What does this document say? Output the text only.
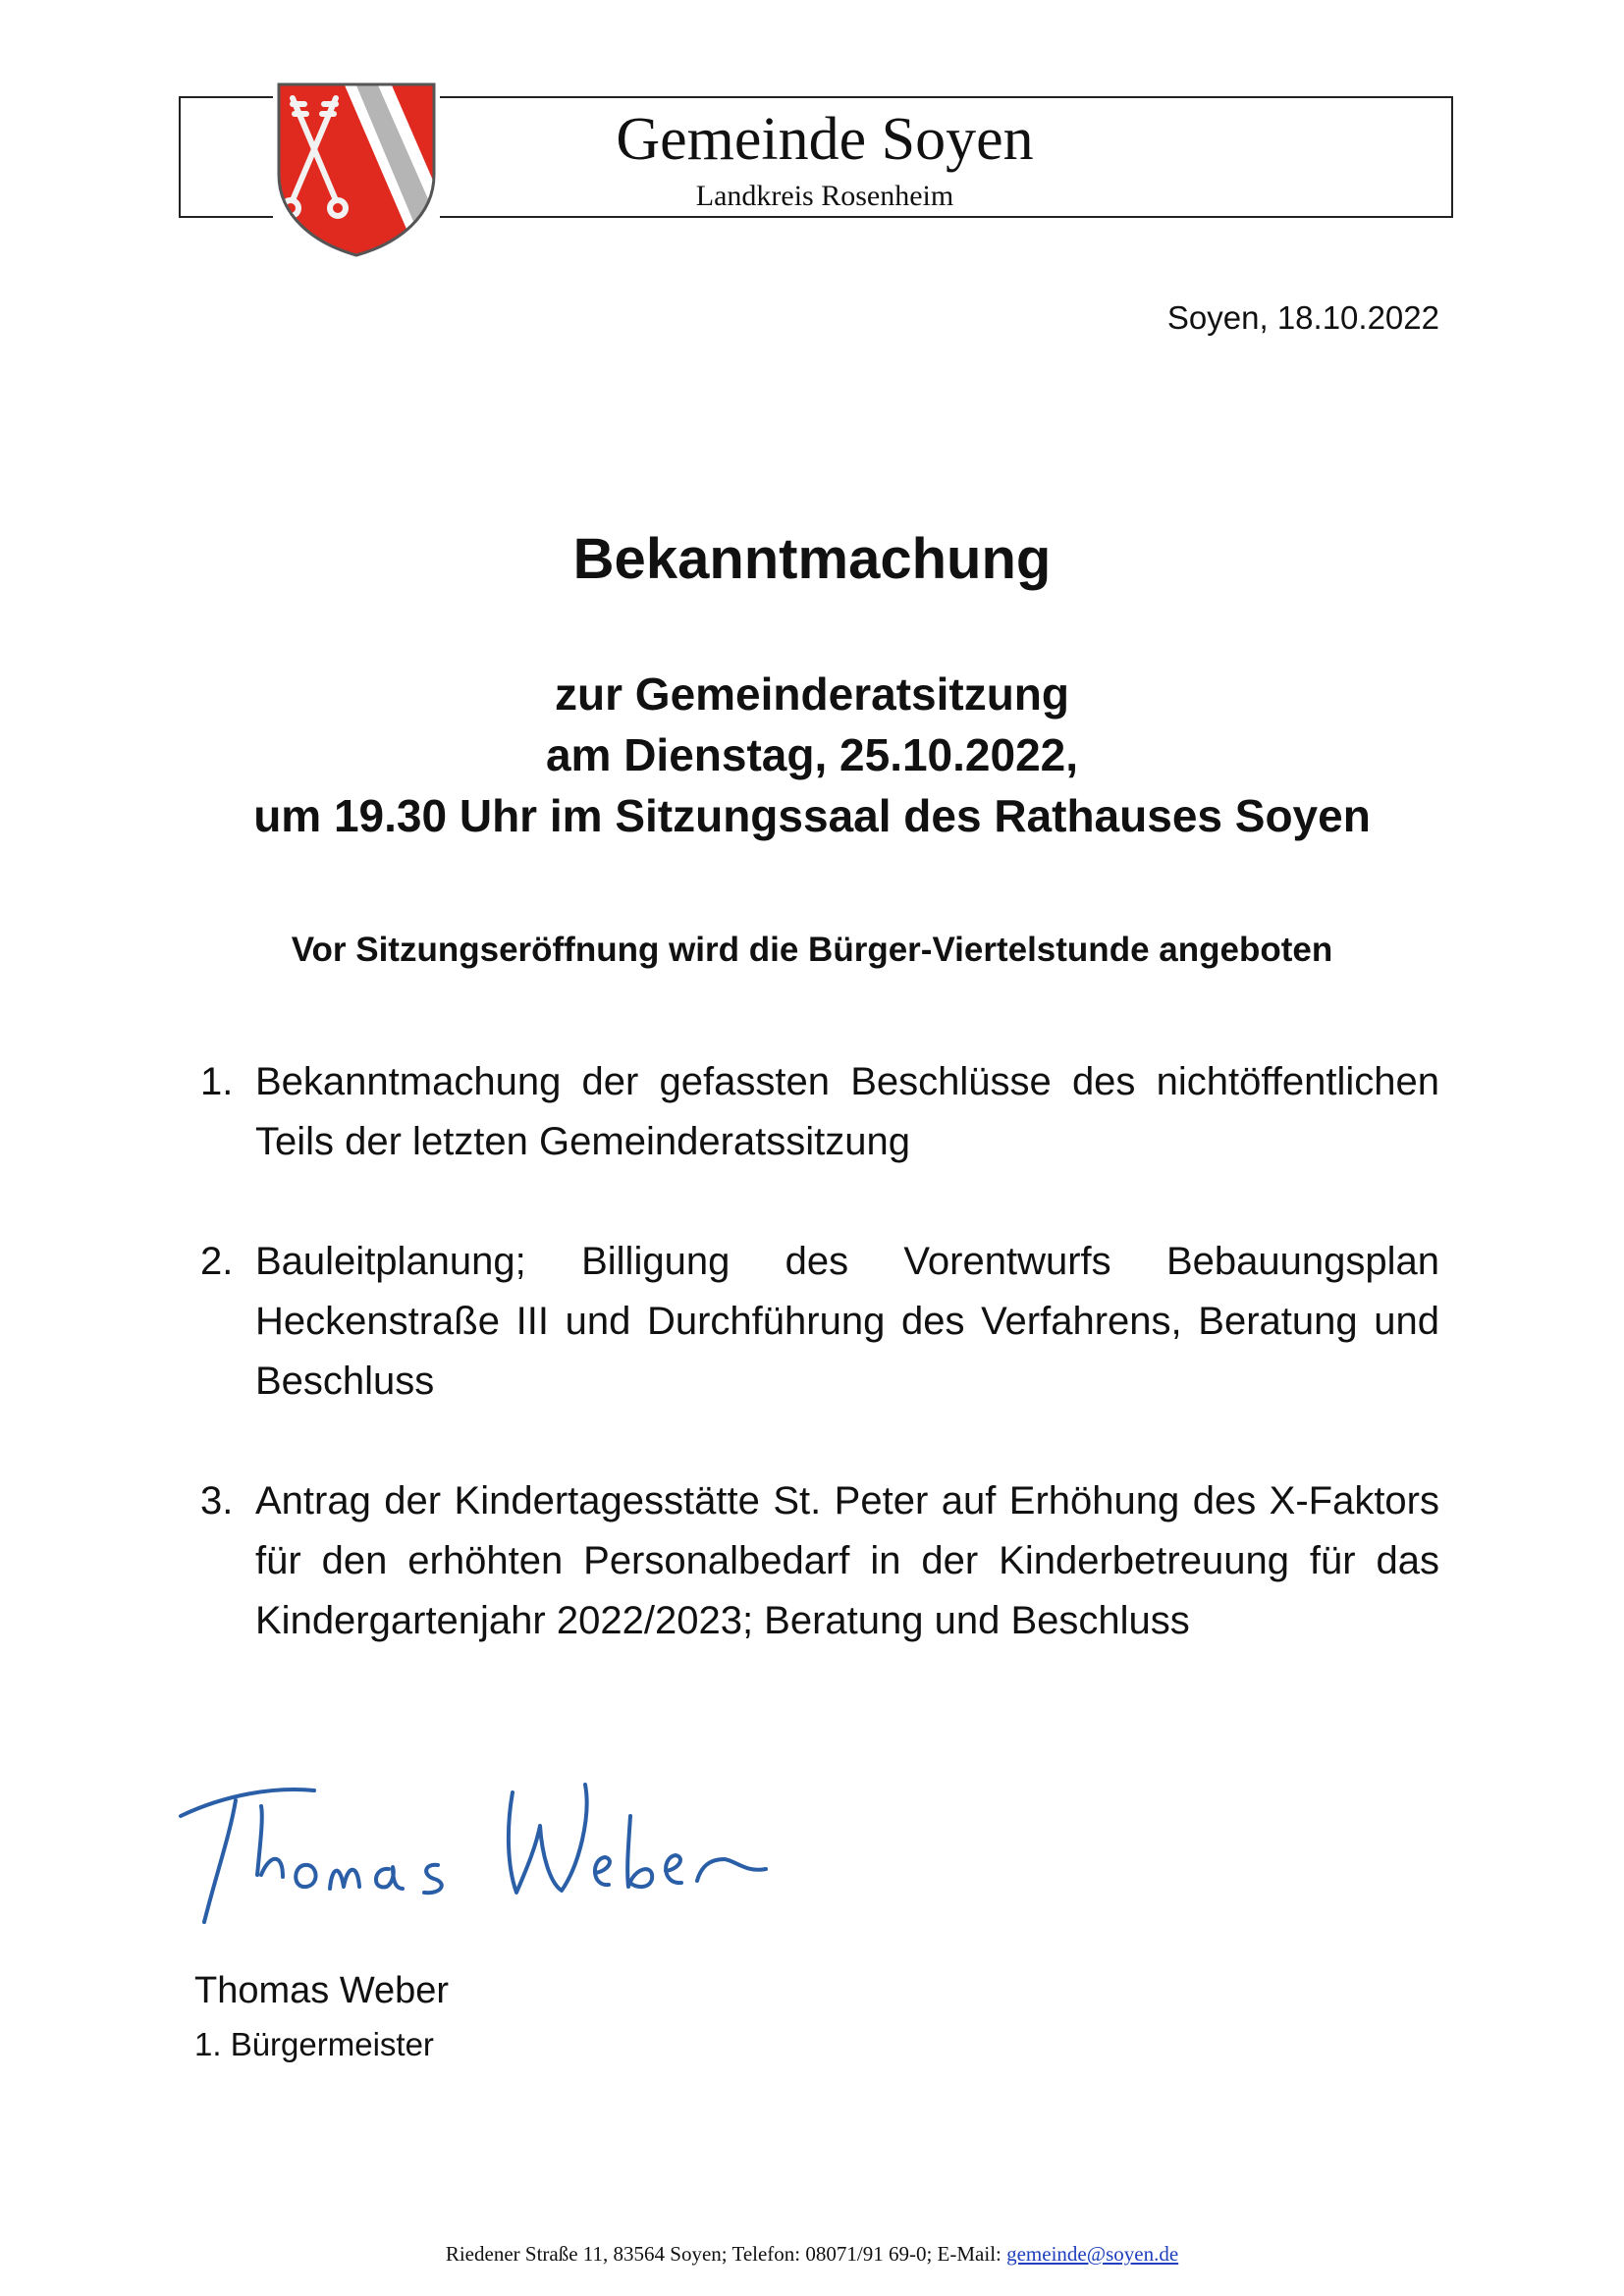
Gemeinde Soyen
Landkreis Rosenheim
Soyen, 18.10.2022
Bekanntmachung
zur Gemeinderatsitzung
am Dienstag, 25.10.2022,
um 19.30 Uhr im Sitzungssaal des Rathauses Soyen
Vor Sitzungseröffnung wird die Bürger-Viertelstunde angeboten
1. Bekanntmachung der gefassten Beschlüsse des nichtöffentlichen Teils der letzten Gemeinderatssitzung
2. Bauleitplanung; Billigung des Vorentwurfs Bebauungsplan Heckenstraße III und Durchführung des Verfahrens, Beratung und Beschluss
3. Antrag der Kindertagesstätte St. Peter auf Erhöhung des X-Faktors für den erhöhten Personalbedarf in der Kinderbetreuung für das Kindergartenjahr 2022/2023; Beratung und Beschluss
Thomas Weber
1. Bürgermeister
Riedener Straße 11, 83564 Soyen; Telefon: 08071/91 69-0; E-Mail: gemeinde@soyen.de
